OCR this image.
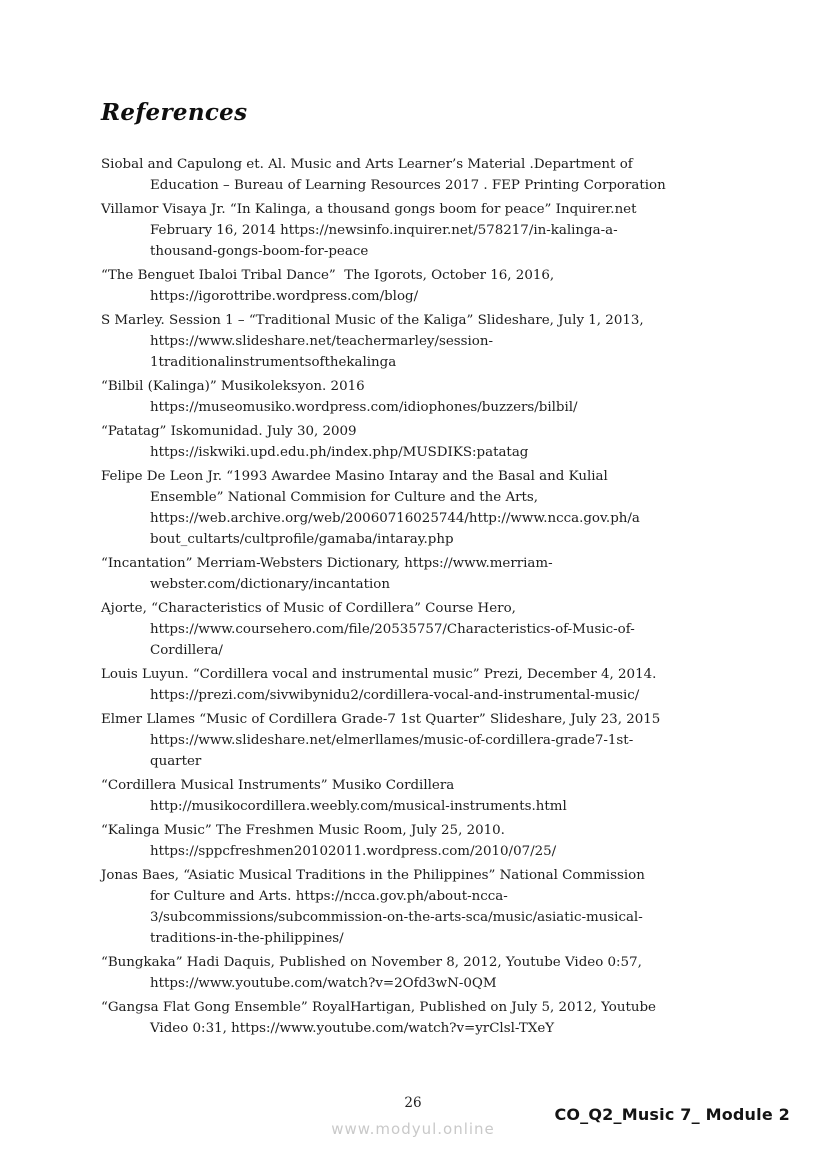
References
Siobal and Capulong et. Al. Music and Arts Learner’s Material .Department of
Education – Bureau of Learning Resources 2017 . FEP Printing Corporation
Villamor Visaya Jr. “In Kalinga, a thousand gongs boom for peace” Inquirer.net
February 16, 2014 https://newsinfo.inquirer.net/578217/in-kalinga-a-
thousand-gongs-boom-for-peace
“The Benguet Ibaloi Tribal Dance”  The Igorots, October 16, 2016,
https://igorottribe.wordpress.com/blog/
S Marley. Session 1 – “Traditional Music of the Kaliga” Slideshare, July 1, 2013,
https://www.slideshare.net/teachermarley/session-
1traditionalinstrumentsofthekalinga
“Bilbil (Kalinga)” Musikoleksyon. 2016
https://museomusiko.wordpress.com/idiophones/buzzers/bilbil/
“Patatag” Iskomunidad. July 30, 2009
https://iskwiki.upd.edu.ph/index.php/MUSDIKS:patatag
Felipe De Leon Jr. “1993 Awardee Masino Intaray and the Basal and Kulial
Ensemble” National Commision for Culture and the Arts,
https://web.archive.org/web/20060716025744/http://www.ncca.gov.ph/a
bout_cultarts/cultprofile/gamaba/intaray.php
“Incantation” Merriam-Websters Dictionary, https://www.merriam-
webster.com/dictionary/incantation
Ajorte, “Characteristics of Music of Cordillera” Course Hero,
https://www.coursehero.com/file/20535757/Characteristics-of-Music-of-
Cordillera/
Louis Luyun. “Cordillera vocal and instrumental music” Prezi, December 4, 2014.
https://prezi.com/sivwibynidu2/cordillera-vocal-and-instrumental-music/
Elmer Llames “Music of Cordillera Grade-7 1st Quarter” Slideshare, July 23, 2015
https://www.slideshare.net/elmerllames/music-of-cordillera-grade7-1st-
quarter
“Cordillera Musical Instruments” Musiko Cordillera
http://musikocordillera.weebly.com/musical-instruments.html
“Kalinga Music” The Freshmen Music Room, July 25, 2010.
https://sppcfreshmen20102011.wordpress.com/2010/07/25/
Jonas Baes, “Asiatic Musical Traditions in the Philippines” National Commission
for Culture and Arts. https://ncca.gov.ph/about-ncca-
3/subcommissions/subcommission-on-the-arts-sca/music/asiatic-musical-
traditions-in-the-philippines/
“Bungkaka” Hadi Daquis, Published on November 8, 2012, Youtube Video 0:57,
https://www.youtube.com/watch?v=2Ofd3wN-0QM
“Gangsa Flat Gong Ensemble” RoyalHartigan, Published on July 5, 2012, Youtube
Video 0:31, https://www.youtube.com/watch?v=yrClsl-TXeY
26
www.modyul.online
CO_Q2_Music 7_ Module 2
